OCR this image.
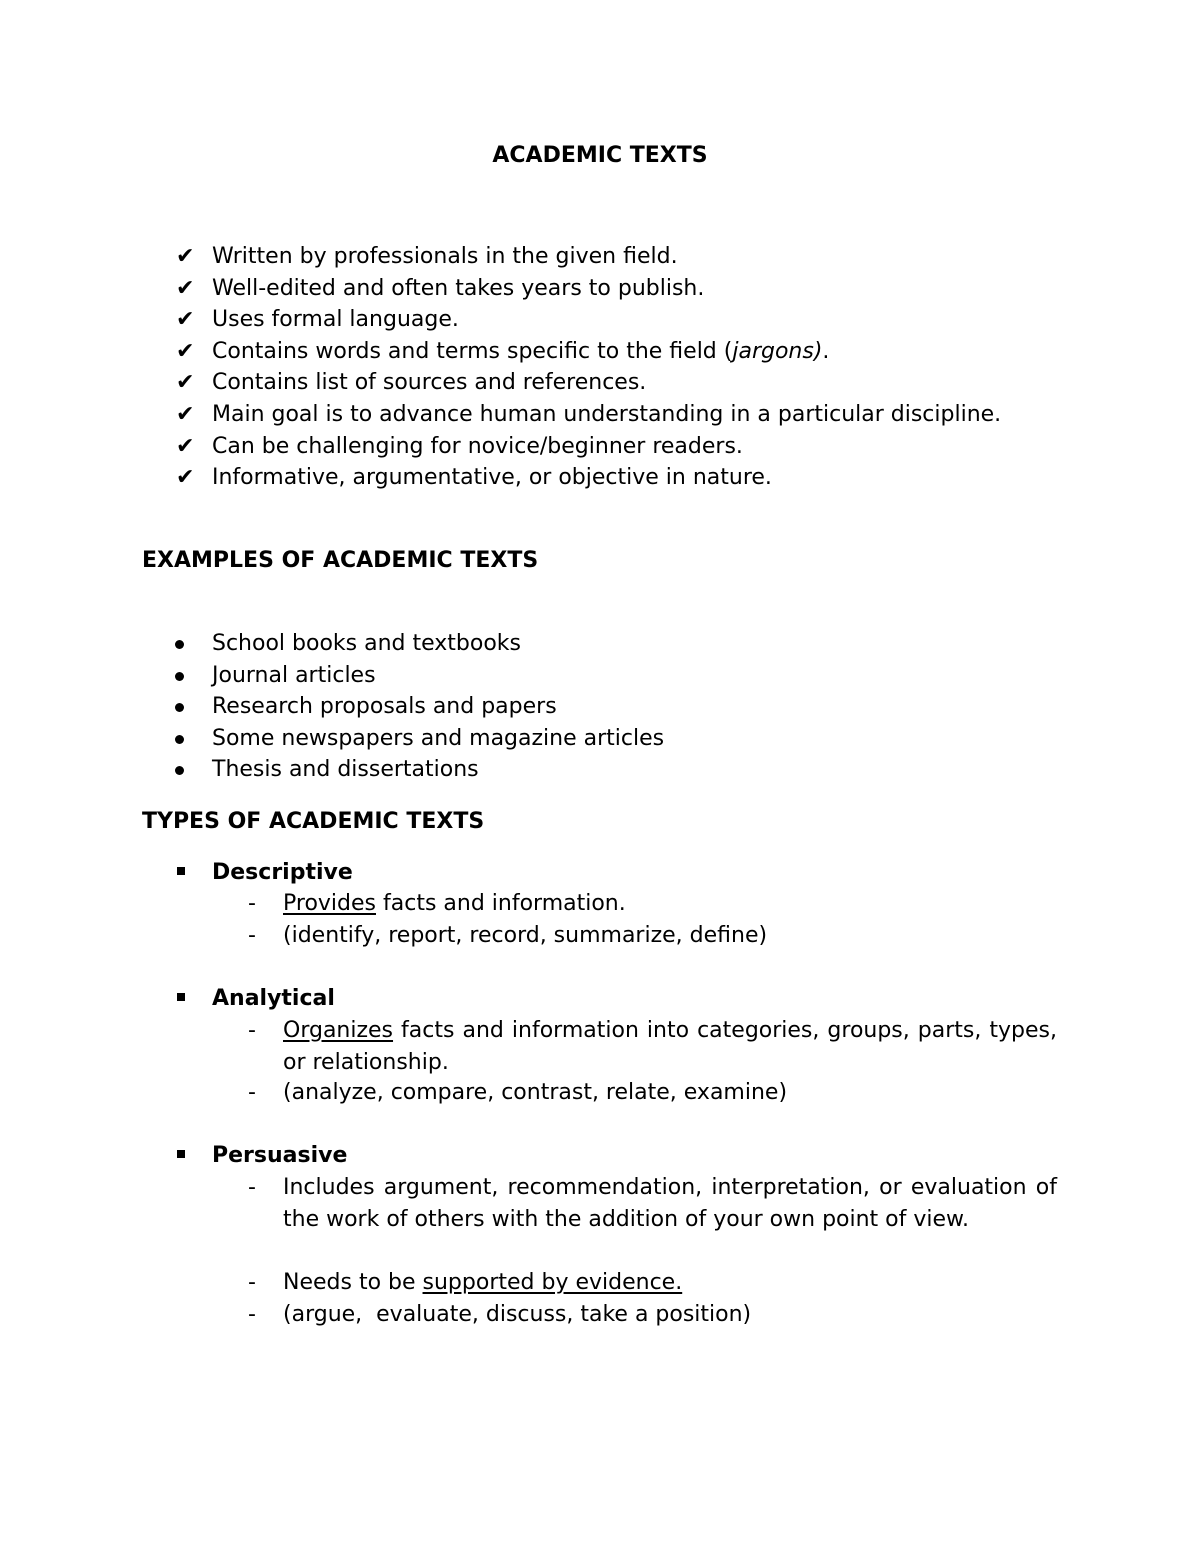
ACADEMIC TEXTS
✔ Written by professionals in the given field.
✔ Well-edited and often takes years to publish.
✔ Uses formal language.
✔ Contains words and terms specific to the field (jargons).
✔ Contains list of sources and references.
✔ Main goal is to advance human understanding in a particular discipline.
✔ Can be challenging for novice/beginner readers.
✔ Informative, argumentative, or objective in nature.
EXAMPLES OF ACADEMIC TEXTS
School books and textbooks
Journal articles
Research proposals and papers
Some newspapers and magazine articles
Thesis and dissertations
TYPES OF ACADEMIC TEXTS
Descriptive
-	Provides facts and information.
-	(identify, report, record, summarize, define)
Analytical
-	Organizes facts and information into categories, groups, parts, types, or relationship.
-	(analyze, compare, contrast, relate, examine)
Persuasive
-	Includes argument, recommendation, interpretation, or evaluation of the work of others with the addition of your own point of view.
-	Needs to be supported by evidence.
-	(argue,  evaluate, discuss, take a position)
